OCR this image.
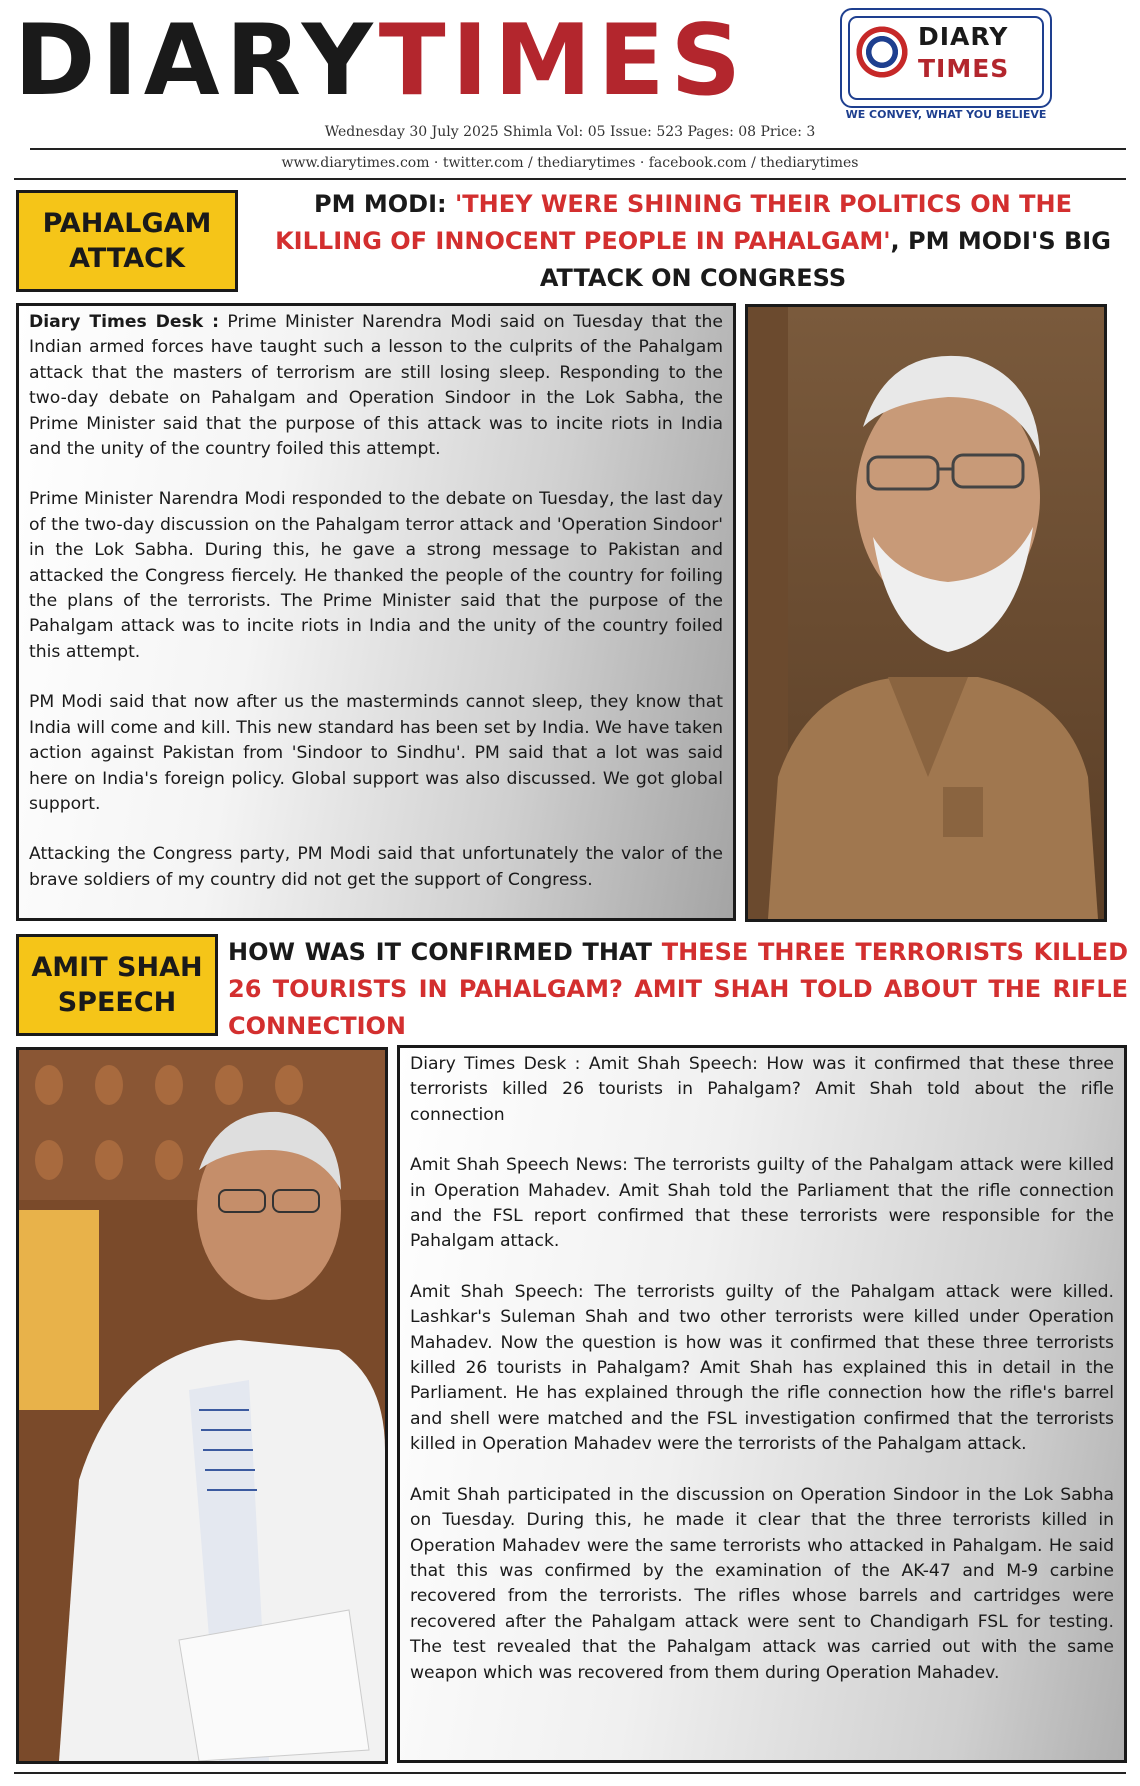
DIARYTIMES	DIARY
TIMES
WE CONVEY, WHAT YOU BELIEVE
Wednesday 30 July 2025 Shimla Vol: 05 Issue: 523 Pages: 08 Price: 3
www.diarytimes.com · twitter.com / thediarytimes · facebook.com / thediarytimes
PAHALGAM
ATTACK
PM MODI: 'THEY WERE SHINING THEIR POLITICS ON THE KILLING OF INNOCENT PEOPLE IN PAHALGAM', PM MODI'S BIG ATTACK ON CONGRESS

Diary Times Desk : Prime Minister Narendra Modi said on Tuesday that the Indian armed forces have taught such a lesson to the culprits of the Pahalgam attack that the masters of terrorism are still losing sleep. Responding to the two-day debate on Pahalgam and Operation Sindoor in the Lok Sabha, the Prime Minister said that the purpose of this attack was to incite riots in India and the unity of the country foiled this attempt.

Prime Minister Narendra Modi responded to the debate on Tuesday, the last day of the two-day discussion on the Pahalgam terror attack and 'Operation Sindoor' in the Lok Sabha. During this, he gave a strong message to Pakistan and attacked the Congress fiercely. He thanked the people of the country for foiling the plans of the terrorists. The Prime Minister said that the purpose of the Pahalgam attack was to incite riots in India and the unity of the country foiled this attempt.

PM Modi said that now after us the masterminds cannot sleep, they know that India will come and kill. This new standard has been set by India. We have taken action against Pakistan from 'Sindoor to Sindhu'. PM said that a lot was said here on India's foreign policy. Global support was also discussed. We got global support.

Attacking the Congress party, PM Modi said that unfortunately the valor of the brave soldiers of my country did not get the support of Congress.

AMIT SHAH
SPEECH
HOW WAS IT CONFIRMED THAT THESE THREE TERRORISTS KILLED 26 TOURISTS IN PAHALGAM? AMIT SHAH TOLD ABOUT THE RIFLE CONNECTION

Diary Times Desk : Amit Shah Speech: How was it confirmed that these three terrorists killed 26 tourists in Pahalgam? Amit Shah told about the rifle connection

Amit Shah Speech News: The terrorists guilty of the Pahalgam attack were killed in Operation Mahadev. Amit Shah told the Parliament that the rifle connection and the FSL report confirmed that these terrorists were responsible for the Pahalgam attack.

Amit Shah Speech: The terrorists guilty of the Pahalgam attack were killed. Lashkar's Suleman Shah and two other terrorists were killed under Operation Mahadev. Now the question is how was it confirmed that these three terrorists killed 26 tourists in Pahalgam? Amit Shah has explained this in detail in the Parliament. He has explained through the rifle connection how the rifle's barrel and shell were matched and the FSL investigation confirmed that the terrorists killed in Operation Mahadev were the terrorists of the Pahalgam attack.

Amit Shah participated in the discussion on Operation Sindoor in the Lok Sabha on Tuesday. During this, he made it clear that the three terrorists killed in Operation Mahadev were the same terrorists who attacked in Pahalgam. He said that this was confirmed by the examination of the AK-47 and M-9 carbine recovered from the terrorists. The rifles whose barrels and cartridges were recovered after the Pahalgam attack were sent to Chandigarh FSL for testing. The test revealed that the Pahalgam attack was carried out with the same weapon which was recovered from them during Operation Mahadev.
